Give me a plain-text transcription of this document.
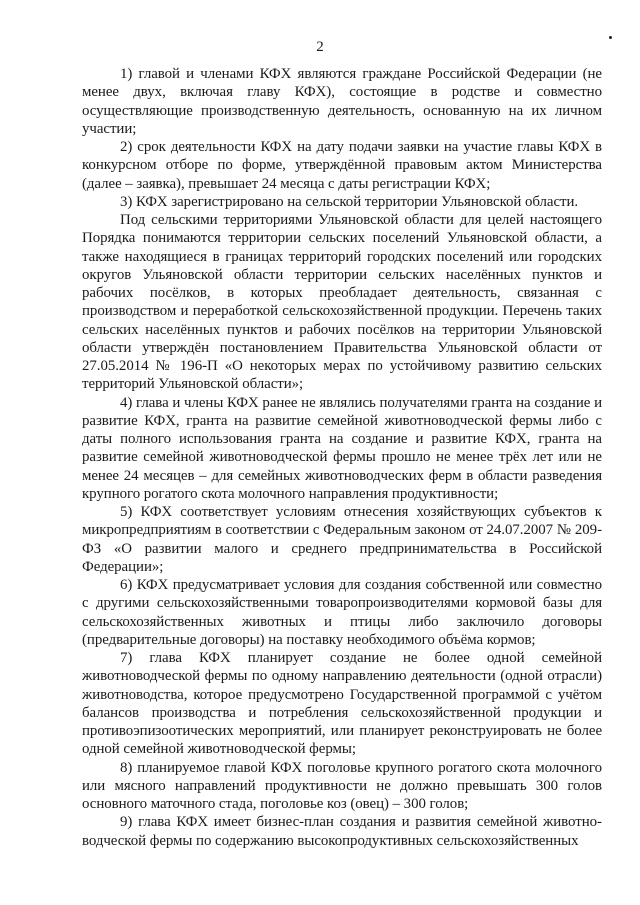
2

1) главой и членами КФХ являются граждане Российской Федерации (не менее двух, включая главу КФХ), состоящие в родстве и совместно осуществляющие производственную деятельность, основанную на их личном участии;

2) срок деятельности КФХ на дату подачи заявки на участие главы КФХ в конкурсном отборе по форме, утверждённой правовым актом Министерства (далее – заявка), превышает 24 месяца с даты регистрации КФХ;

3) КФХ зарегистрировано на сельской территории Ульяновской области.

Под сельскими территориями Ульяновской области для целей настоящего Порядка понимаются территории сельских поселений Ульяновской области, а также находящиеся в границах территорий городских поселений или городских округов Ульяновской области территории сельских населённых пунктов и рабочих посёлков, в которых преобладает деятельность, связанная с производством и переработкой сельскохозяйственной продукции. Перечень таких сельских населённых пунктов и рабочих посёлков на территории Ульяновской области утверждён постановлением Правительства Ульяновской области от 27.05.2014 № 196-П «О некоторых мерах по устойчивому развитию сельских территорий Ульяновской области»;

4) глава и члены КФХ ранее не являлись получателями гранта на создание и развитие КФХ, гранта на развитие семейной животноводческой фермы либо с даты полного использования гранта на создание и развитие КФХ, гранта на развитие семейной животноводческой фермы прошло не менее трёх лет или не менее 24 месяцев – для семейных животноводческих ферм в области разведения крупного рогатого скота молочного направления продуктивности;

5) КФХ соответствует условиям отнесения хозяйствующих субъектов к микропредприятиям в соответствии с Федеральным законом от 24.07.2007 № 209-ФЗ «О развитии малого и среднего предпринимательства в Российской Федерации»;

6) КФХ предусматривает условия для создания собственной или совместно с другими сельскохозяйственными товаропроизводителями кормовой базы для сельскохозяйственных животных и птицы либо заключило договоры (предварительные договоры) на поставку необходимого объёма кормов;

7) глава КФХ планирует создание не более одной семейной животноводческой фермы по одному направлению деятельности (одной отрасли) животноводства, которое предусмотрено Государственной программой с учётом балансов производства и потребления сельскохозяйственной продукции и противоэпизоотических мероприятий, или планирует реконструировать не более одной семейной животноводческой фермы;

8) планируемое главой КФХ поголовье крупного рогатого скота молочного или мясного направлений продуктивности не должно превышать 300 голов основного маточного стада, поголовье коз (овец) – 300 голов;

9) глава КФХ имеет бизнес-план создания и развития семейной животноводческой фермы по содержанию высокопродуктивных сельскохозяйственных
